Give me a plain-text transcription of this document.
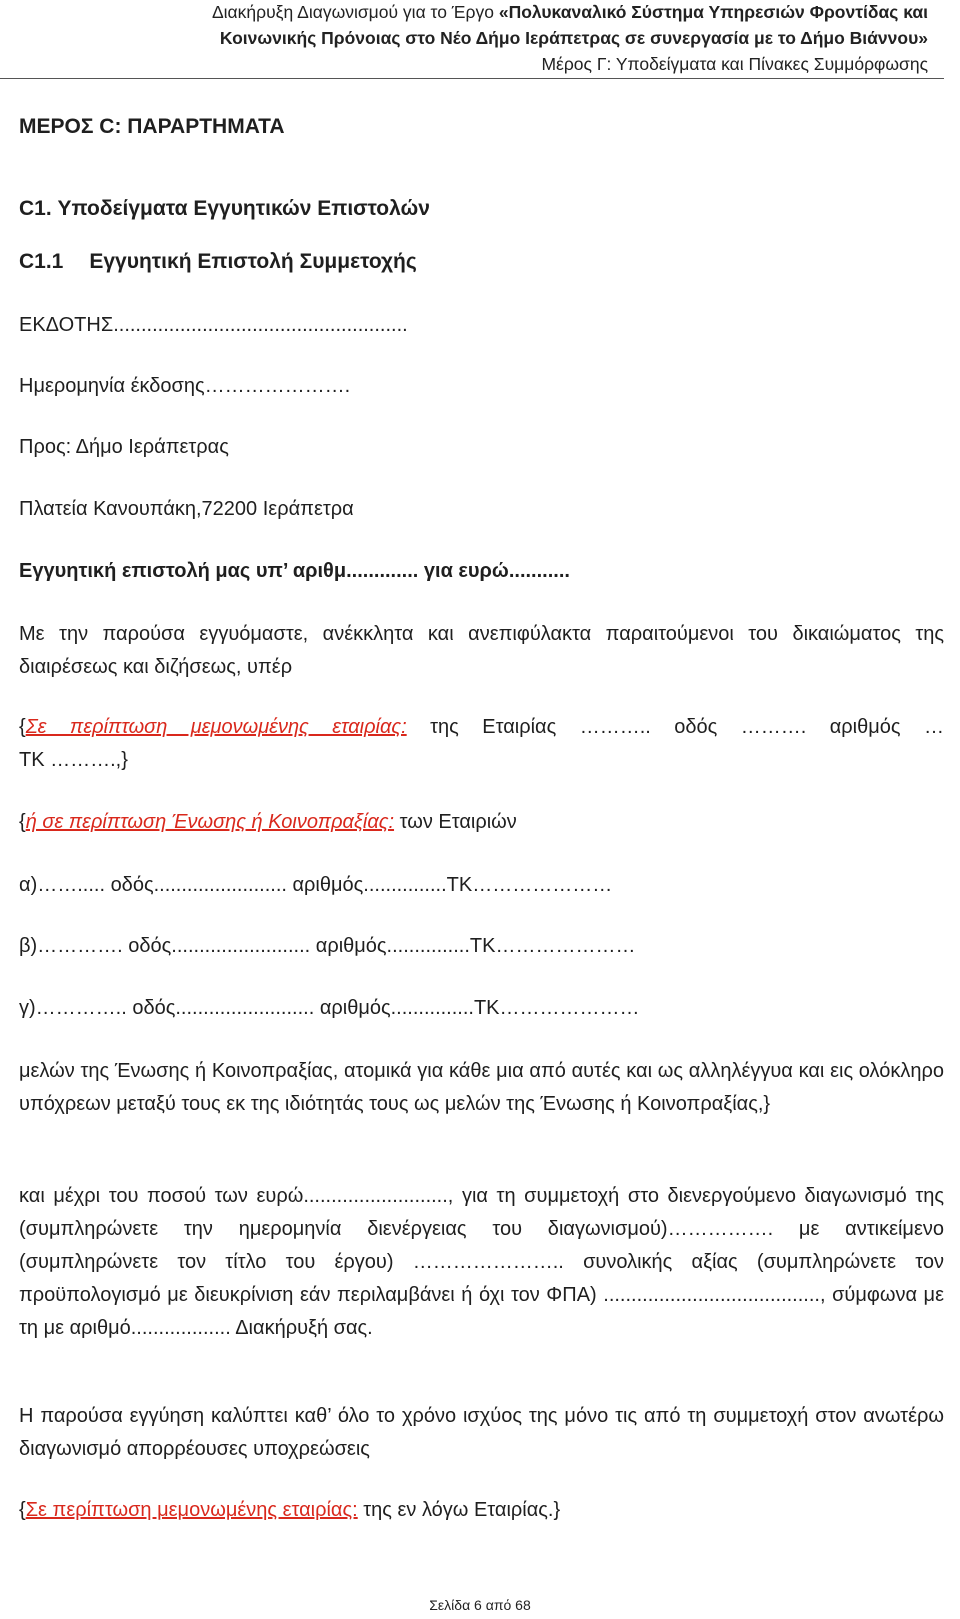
Διακήρυξη Διαγωνισμού για το Έργο «Πολυκαναλικό Σύστημα Υπηρεσιών Φροντίδας και
Κοινωνικής Πρόνοιας στο Νέο Δήμο Ιεράπετρας σε συνεργασία με το Δήμο Βιάννου»
Μέρος Γ: Υποδείγματα και Πίνακες Συμμόρφωσης
ΜΕΡΟΣ C: ΠΑΡΑΡΤΗΜΑΤΑ
C1. Υποδείγματα Εγγυητικών Επιστολών
C1.1 Εγγυητική Επιστολή Συμμετοχής
ΕΚΔΟΤΗΣ.....................................................
Ημερομηνία έκδοσης………………….
Προς: Δήμο Ιεράπετρας
Πλατεία Κανουπάκη,72200 Ιεράπετρα
Εγγυητική επιστολή μας υπ’ αριθμ............. για ευρώ...........
Με την παρούσα εγγυόμαστε, ανέκκλητα και ανεπιφύλακτα παραιτούμενοι του δικαιώματος της διαιρέσεως και διζήσεως, υπέρ
{Σε περίπτωση μεμονωμένης εταιρίας: της Εταιρίας ……….. οδός ………. αριθμός …
ΤΚ ……….,}
{ή σε περίπτωση Ένωσης ή Κοινοπραξίας: των Εταιριών
α)……..... οδός........................ αριθμός...............ΤΚ…………………
β)…………. οδός......................... αριθμός...............ΤΚ…………………
γ)………….. οδός......................... αριθμός...............ΤΚ…………………
μελών της Ένωσης ή Κοινοπραξίας, ατομικά για κάθε μια από αυτές και ως αλληλέγγυα και εις ολόκληρο υπόχρεων μεταξύ τους εκ της ιδιότητάς τους ως μελών της Ένωσης ή Κοινοπραξίας,}
και μέχρι του ποσού των ευρώ.........................., για τη συμμετοχή στο διενεργούμενο διαγωνισμό της (συμπληρώνετε την ημερομηνία διενέργειας του διαγωνισμού)……………. με αντικείμενο (συμπληρώνετε τον τίτλο του έργου) ………………….. συνολικής αξίας (συμπληρώνετε τον προϋπολογισμό με διευκρίνιση εάν περιλαμβάνει ή όχι τον ΦΠΑ) ......................................., σύμφωνα με τη με αριθμό.................. Διακήρυξή σας.
Η παρούσα εγγύηση καλύπτει καθ’ όλο το χρόνο ισχύος της μόνο τις από τη συμμετοχή στον ανωτέρω διαγωνισμό απορρέουσες υποχρεώσεις
{Σε περίπτωση μεμονωμένης εταιρίας: της εν λόγω Εταιρίας.}
Σελίδα 6 από 68
